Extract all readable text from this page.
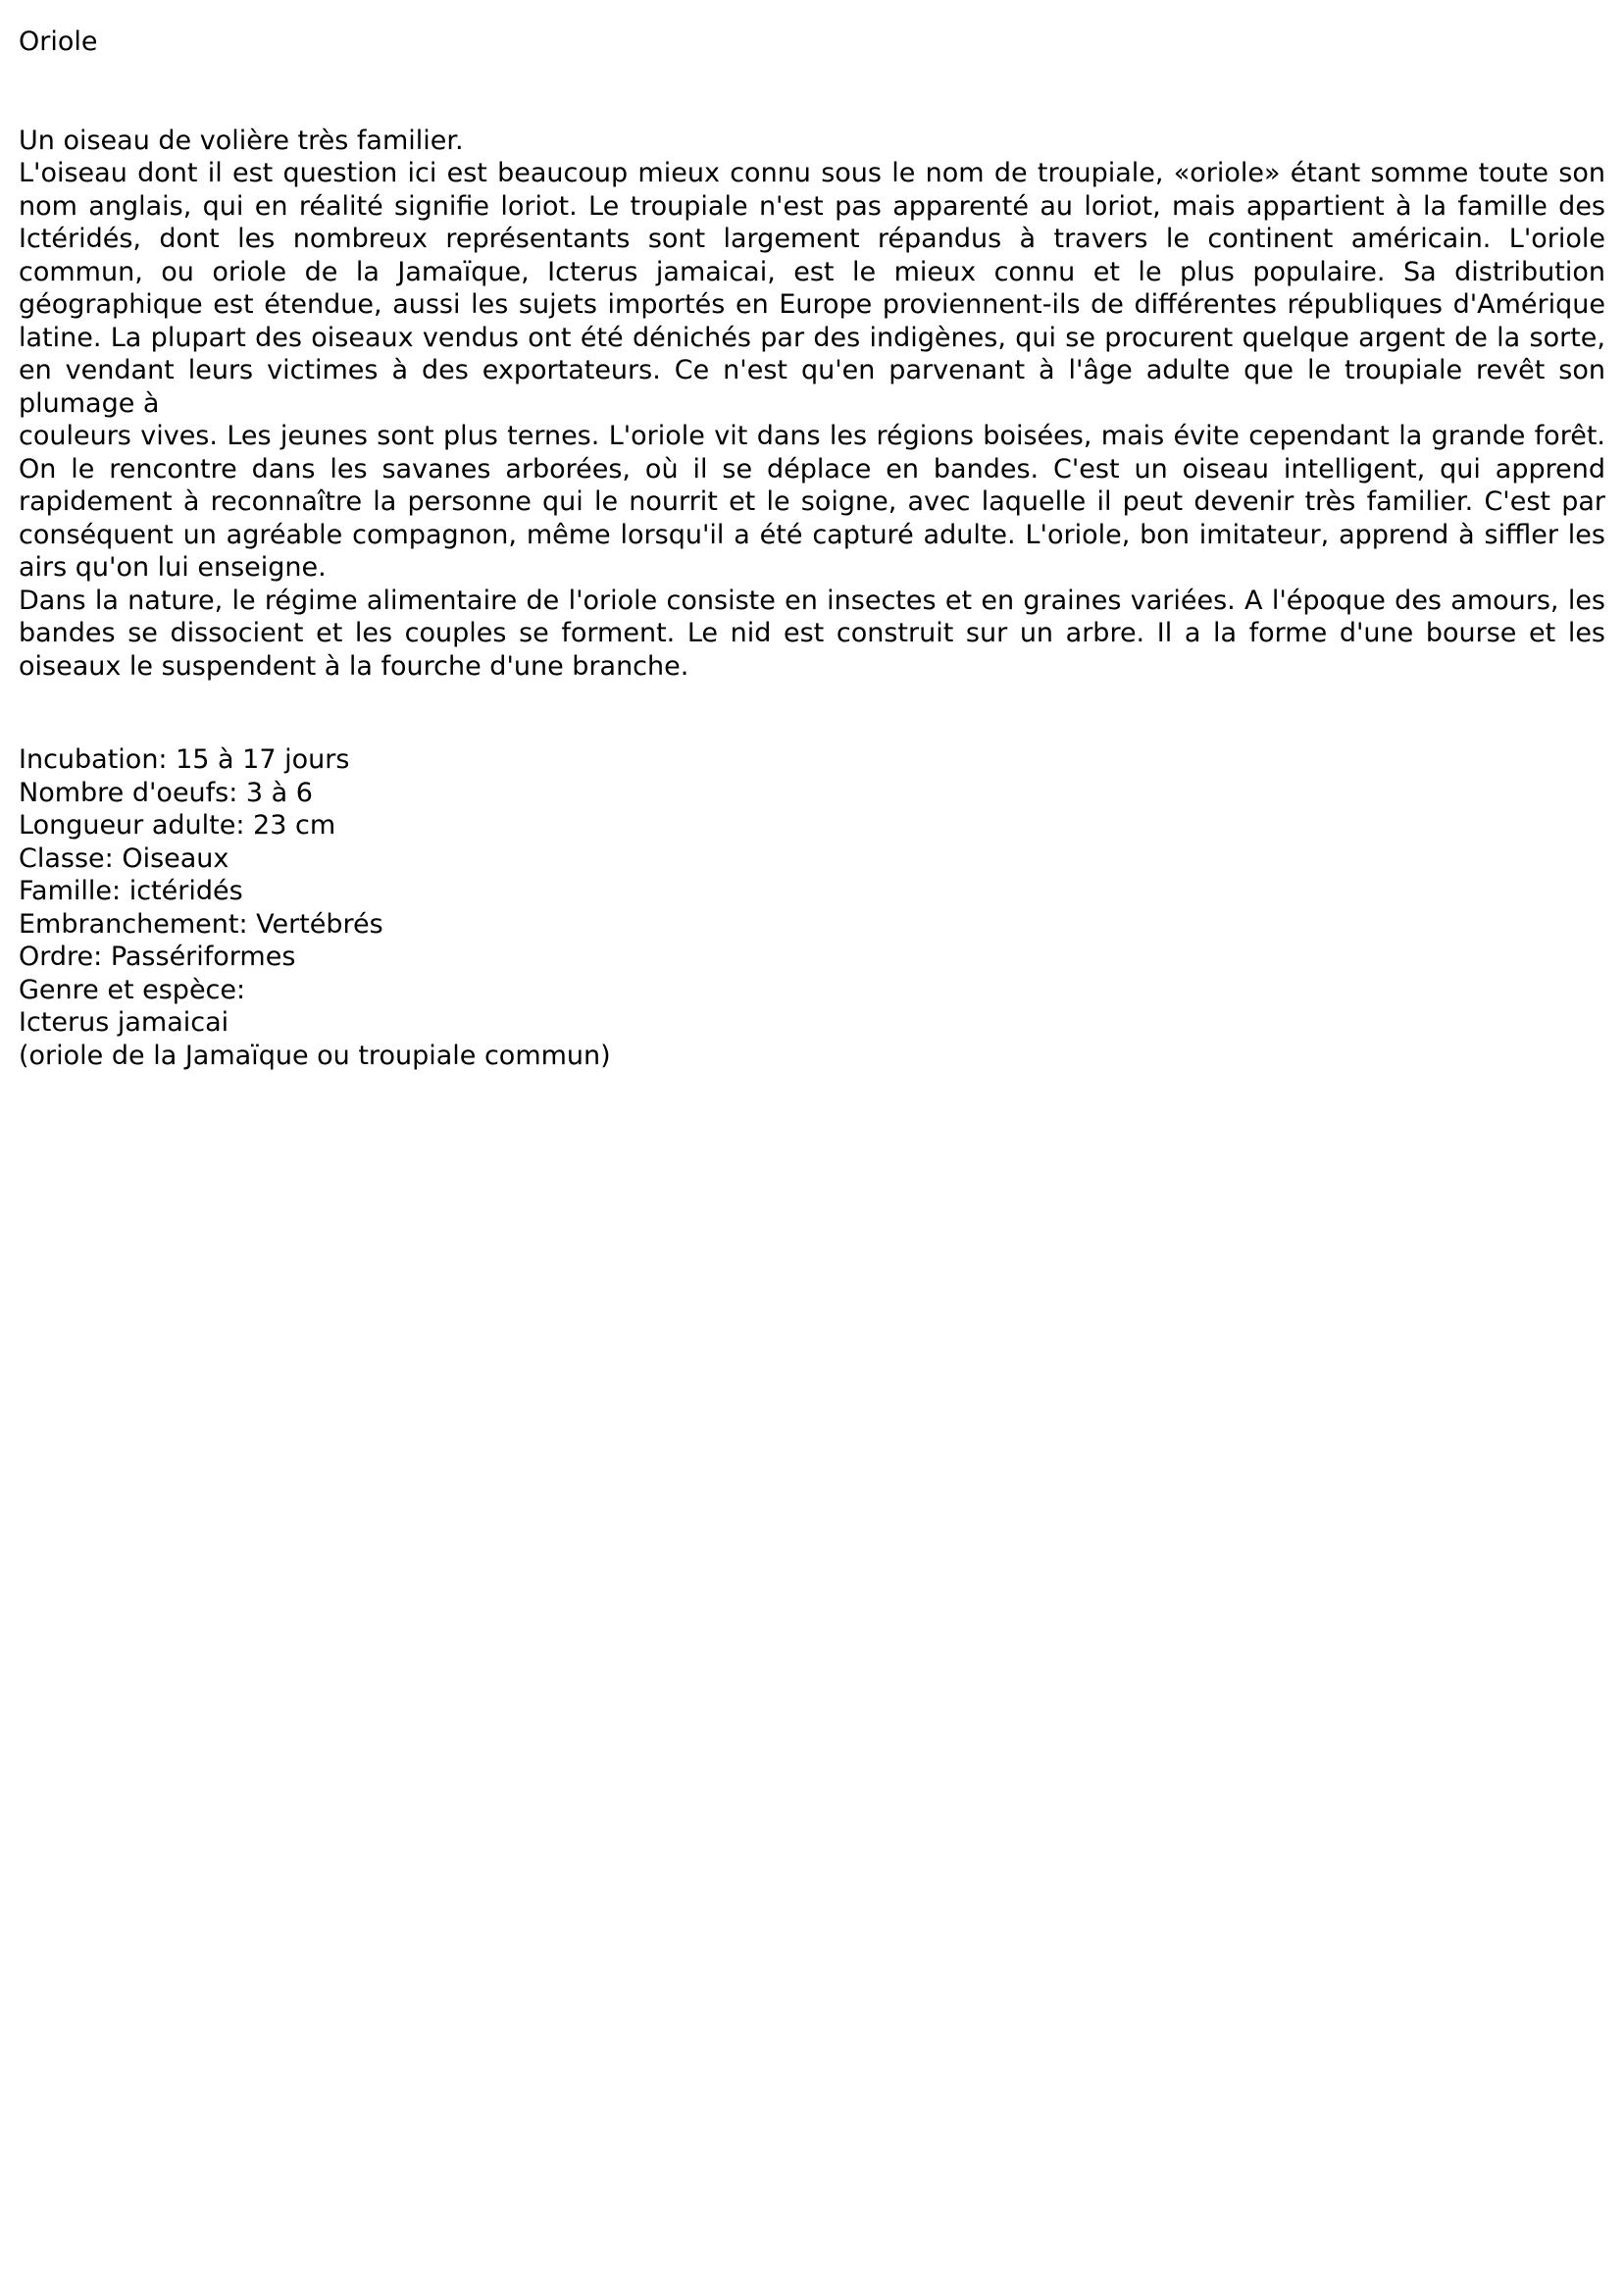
Oriole
Un oiseau de volière très familier.
L'oiseau dont il est question ici est beaucoup mieux connu sous le nom de troupiale, «oriole» étant somme toute son nom anglais, qui en réalité signifie loriot. Le troupiale n'est pas apparenté au loriot, mais appartient à la famille des Ictéridés, dont les nombreux représentants sont largement répandus à travers le continent américain. L'oriole commun, ou oriole de la Jamaïque, Icterus jamaicai, est le mieux connu et le plus populaire. Sa distribution géographique est étendue, aussi les sujets importés en Europe proviennent-ils de différentes républiques d'Amérique latine. La plupart des oiseaux vendus ont été dénichés par des indigènes, qui se procurent quelque argent de la sorte, en vendant leurs victimes à des exportateurs. Ce n'est qu'en parvenant à l'âge adulte que le troupiale revêt son plumage à
couleurs vives. Les jeunes sont plus ternes. L'oriole vit dans les régions boisées, mais évite cependant la grande forêt. On le rencontre dans les savanes arborées, où il se déplace en bandes. C'est un oiseau intelligent, qui apprend rapidement à reconnaître la personne qui le nourrit et le soigne, avec laquelle il peut devenir très familier. C'est par conséquent un agréable compagnon, même lorsqu'il a été capturé adulte. L'oriole, bon imitateur, apprend à siffler les airs qu'on lui enseigne.
Dans la nature, le régime alimentaire de l'oriole consiste en insectes et en graines variées. A l'époque des amours, les bandes se dissocient et les couples se forment. Le nid est construit sur un arbre. Il a la forme d'une bourse et les oiseaux le suspendent à la fourche d'une branche.
Incubation: 15 à 17 jours
Nombre d'oeufs: 3 à 6
Longueur adulte: 23 cm
Classe: Oiseaux
Famille: ictéridés
Embranchement: Vertébrés
Ordre: Passériformes
Genre et espèce:
Icterus jamaicai
(oriole de la Jamaïque ou troupiale commun)
